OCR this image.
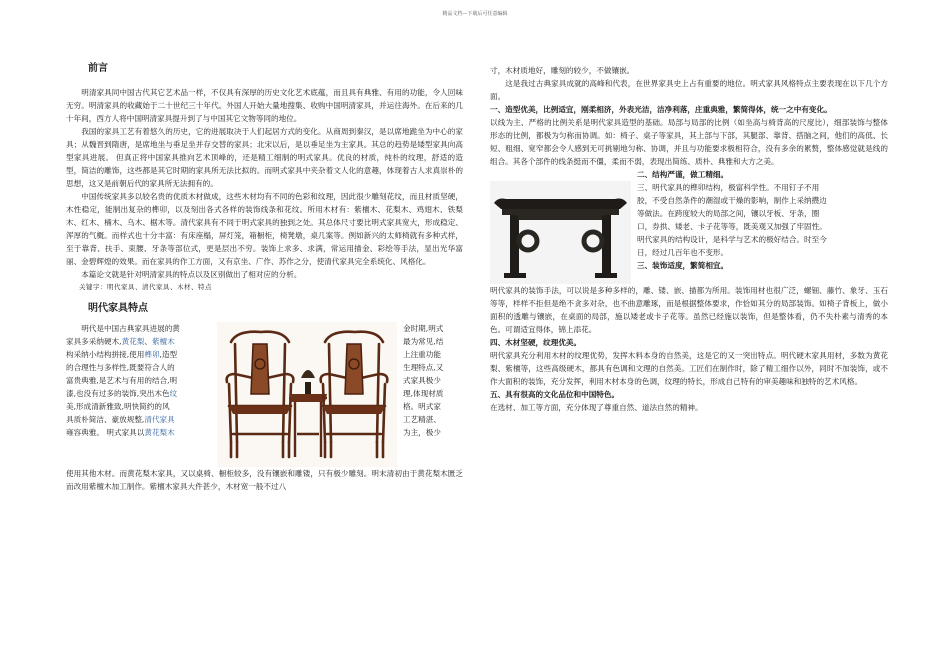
精品文档—下载后可任意编辑
前言

明清家具同中国古代其它艺术品一样，不仅具有深厚的历史文化艺术底蕴，而且具有典雅、有用的功能，令人回味无穷。明清家具的收藏始于二十世纪三十年代。外国人开始大量地搜集、收购中国明清家具，并运往海外。在后来的几十年间，西方人将中国明清家具提升到了与中国其它文物等同的地位。

我国的家具工艺有着悠久的历史，它的进展取决于人们起居方式的变化。从商周到秦汉，是以席地跪坐为中心的家具；从魏晋到隋唐，是席地坐与垂足坐并存交替的家具；北宋以后，是以垂足坐为主家具。其总的趋势是矮型家具向高型家具进展。 但真正将中国家具推向艺术顶峰的，还是精工细制的明式家具。优良的材质，纯朴的纹理，舒适的造型，简洁的雕饰，这些都是其它时期的家具所无法比拟的。而明式家具中夹杂着文人化的意趣，体现着古人求真崇朴的思想，这又是前朝后代的家具所无法拥有的。

中国传统家具多以较名贵的优质木材做成，这些木材均有不同的色彩和纹理，因此很少雕刻花纹，而且材质坚硬，木性稳定，能制出复杂的榫卯，以及刻出各式各样的装饰线条和花纹。所用木材有：紫檀木、花梨木、鸡翅木、铁梨木、红木、楠木、乌木、椐木等。清代家具有不同于明式家具的独到之处。其总体尺寸要比明式家具宽大，形成稳定、浑厚的气概。而样式也十分丰富：有床座榻，屏灯笼，箱橱柜，椅凳墩，桌几案等。例如新兴的太师椅就有多种式样，至于靠背、扶手、束腰、牙条等部位式，更是层出不穷。装饰上求多、求满，常运用描金、彩绘等手法，显出光华富丽、金碧辉煌的效果。而在家具的作工方面，又有京坐、广作、苏作之分，使清代家具完全系统化、风格化。

本篇论文就是针对明清家具的特点以及区别做出了相对应的分析。

关键字：明代家具、清代家具、木材、特点

明代家具特点
明代是中国古典家具进展的黄
家具多采纳硬木,黄花梨、紫檀木
构采纳小结构拼接,使用榫卯,造型
的合理性与多样性,既要符合人的
富贵典雅,是艺术与有用的结合,明
漆,也没有过多的装饰,突出木色纹
美,形成清新雅致,明快简约的风
具质朴简洁、豪放规整,清代家具
雍容典雅。 明式家具以黄花梨木
金时期,明式
最为常见,结
上注重功能
生理特点,又
式家具极少
理,体现材质
格。明式家
工艺精湛、
为主，极少

使用其他木材。而黄花梨木家具，又以桌椅、橱柜较多，没有镶嵌和雕镂，只有极少雕刻。明末清初由于黄花梨木匮乏而改用紫檀木加工制作。紫檀木家具大件甚少，木材宽一般不过八

寸，木材质地好，雕刻的较少，不做镶嵌。

这是我过古典家具成就的高峰和代表，在世界家具史上占有重要的地位。明式家具风格特点主要表现在以下几个方面。

一、造型优美，比例适宜，刚柔相济，外表光洁，洁净利落，庄重典雅，繁简得体，统一之中有变化。

以线为主、严格的比例关系是明代家具造型的基础。局部与局部的比例（如坐高与椅背高的尺度比），细部装饰与整体形态的比例，都极为匀称而协调。如：椅子、桌子等家具，其上部与下部，其腿部、靠背、搭脑之间，他们的高低、长短、粗细、宽窄都会令人感到无可挑剔地匀称、协调，并且与功能要求极相符合，没有多余的累赘，整体感觉就是线的组合。其各个部件的线条挺而不僵，柔而不弱，表现出简练、质朴、典雅和大方之美。

二、结构严谨，做工精细。
三、明代家具的榫卯结构，极富科学性。不用钉子不用
胶，不受自然条件的潮湿或干燥的影响，制作上采纳攒边
等做法。在跨度较大的局部之间，镶以牙板、牙条，圈
口，券拱、矮老、卡子花等等，既美观又加强了牢固性。
明代家具的结构设计，是科学与艺术的极好结合。时至今
日，经过几百年也不变形。
三、装饰适度，繁简相宜。

明代家具的装饰手法，可以说是多种多样的，雕、镂、嵌、描都为所用。装饰用材也很广泛，螺钿、藤竹、象牙、玉石等等，样样不拒但是绝不贪多对杂，也不曲意雕琢，而是根据整体要求，作恰如其分的局部装饰。如椅子背板上，做小面积的透雕与镶嵌，在桌面的局部，施以矮老或卡子花等。虽然已经施以装饰，但是整体看，仍不失朴素与清秀的本色。可谓适宜得体，锦上添花。

四、木材坚硬，纹理优美。

明代家具充分利用木材的纹理优势，发挥木料本身的自然美，这是它的又一突出特点。明代硬木家具用材，多数为黄花梨、紫檀等，这些高级硬木，都具有色调和文理的自然美。工匠们在制作时，除了精工细作以外，同时不加装饰，或不作大面积的装饰，充分发挥，利用木材本身的色调，纹理的特长，形成自己特有的审美趣味和独特的艺术风格。

五、具有很高的文化品位和中国特色。

在选材、加工等方面，充分体现了尊重自然、道法自然的精神。
